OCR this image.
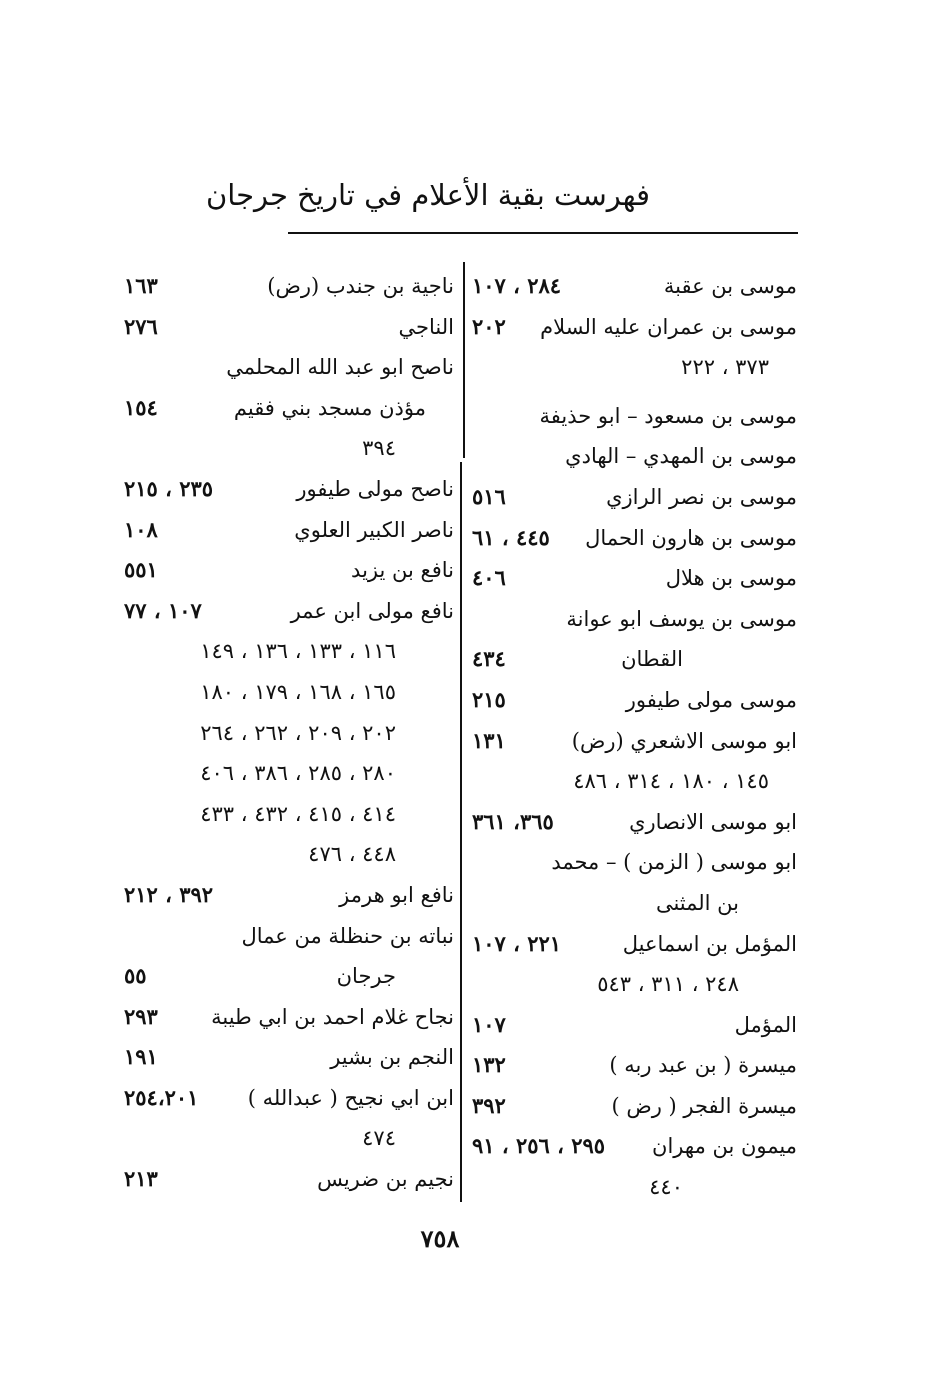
فهرست بقية الأعلام في تاريخ جرجان
موسى بن عقبة
٢٨٤ ، ١٠٧
موسى بن عمران عليه السلام
٢٠٢
٣٧٣ ، ٢٢٢
موسى بن مسعود – ابو حذيفة
موسى بن المهدي – الهادي
موسى بن نصر الرازي
٥١٦
موسى بن هارون الحمال
٤٤٥ ، ٦١
موسى بن هلال
٤٠٦
موسى بن يوسف ابو عوانة
القطان
٤٣٤
موسى مولى طيفور
٢١٥
ابو موسى الاشعري (رض)
١٣١
١٤٥ ، ١٨٠ ، ٣١٤ ، ٤٨٦
ابو موسى الانصاري
٣٦٥، ٣٦١
ابو موسى ( الزمن ) – محمد
بن المثنى
المؤمل بن اسماعيل
٢٢١ ، ١٠٧
٢٤٨ ، ٣١١ ، ٥٤٣
المؤمل
١٠٧
ميسرة ( بن عبد ربه )
١٣٢
ميسرة الفجر ( رض )
٣٩٢
ميمون بن مهران
٢٩٥ ، ٢٥٦ ، ٩١
٤٤٠
ناجية بن جندب (رض)
١٦٣
الناجي
٢٧٦
ناصح ابو عبد الله المحلمي
مؤذن مسجد بني فقيم
١٥٤
٣٩٤
ناصح مولى طيفور
٢٣٥ ، ٢١٥
ناصر الكبير العلوي
١٠٨
نافع بن يزيد
٥٥١
نافع مولى ابن عمر
١٠٧ ، ٧٧
١١٦ ، ١٣٣ ، ١٣٦ ، ١٤٩
١٦٥ ، ١٦٨ ، ١٧٩ ، ١٨٠
٢٠٢ ، ٢٠٩ ، ٢٦٢ ، ٢٦٤
٢٨٠ ، ٢٨٥ ، ٣٨٦ ، ٤٠٦
٤١٤ ، ٤١٥ ، ٤٣٢ ، ٤٣٣
٤٤٨ ، ٤٧٦
نافع ابو هرمز
٣٩٢ ، ٢١٢
نباته بن حنظلة من عمال
جرجان
٥٥
نجاح غلام احمد بن ابي طيبة
٢٩٣
النجم بن بشير
١٩١
ابن ابي نجيح ( عبدالله )
٢٥٤،٢٠١
٤٧٤
نجيم بن ضريس
٢١٣
٧٥٨
